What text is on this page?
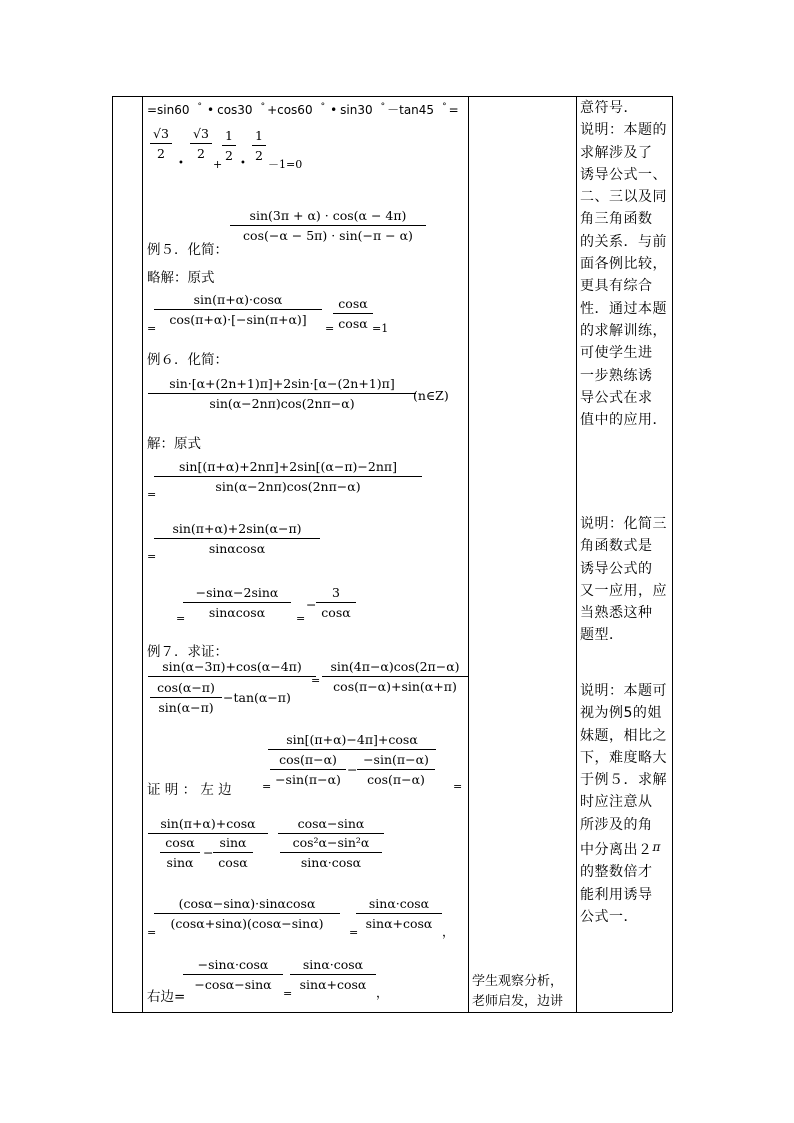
=sin60 ° • cos30 ° +cos60 ° • sin30 ° －tan45 ° =
√3
2
•
√3
2
+
1
2
•
1
2
－1=0
sin(3π + α) · cos(α − 4π)
cos(−α − 5π) · sin(−π − α)
例５．化简：
略解：原式
=
sin(π+α)·cosα
cos(π+α)·[−sin(π+α)]
=
cosα
cosα =1
例６．化简：
sin·[α+(2n+1)π]+2sin·[α−(2n+1)π]
sin(α−2nπ)cos(2nπ−α)
(n∈Z)
解：原式
=
sin[(π+α)+2nπ]+2sin[(α−π)−2nπ]
sin(α−2nπ)cos(2nπ−α)
=
sin(π+α)+2sin(α−π)
sinαcosα
=
−sinα−2sinα
sinαcosα	=
−
3
cosα
例７．求证：
sin(α−3π)+cos(α−4π)
cos(α−π)
sin(α−π)
−tan(α−π)
=
sin(4π−α)cos(2π−α)
cos(π−α)+sin(α+π)
证 明 ： 左 边	=
sin[(π+α)−4π]+cosα
cos(π−α)
−sin(π−α)
−
−sin(π−α)
cos(π−α)	=
sin(π+α)+cosα
cosα
sinα
−
sinα
cosα
cosα−sinα
cos²α−sin²α
sinα·cosα
=
(cosα−sinα)·sinαcosα
(cosα+sinα)(cosα−sinα)
=
sinα·cosα
sinα+cosα
，
右边=
−sinα·cosα
−cosα−sinα
=
sinα·cosα
sinα+cosα
，
意符号．
说明：本题的
求解涉及了
诱导公式一、
二、三以及同
角三角函数
的关系．与前
面各例比较，
更具有综合
性．通过本题
的求解训练，
可使学生进
一步熟练诱
导公式在求
值中的应用．
说明：化简三
角函数式是
诱导公式的
又一应用，应
当熟悉这种
题型．
说明：本题可
视为例5的姐
妹题，相比之
下，难度略大
于例５．求解
时应注意从
所涉及的角
中分离出２π
的整数倍才
能利用诱导
公式一．
学生观察分析，
老师启发，边讲
